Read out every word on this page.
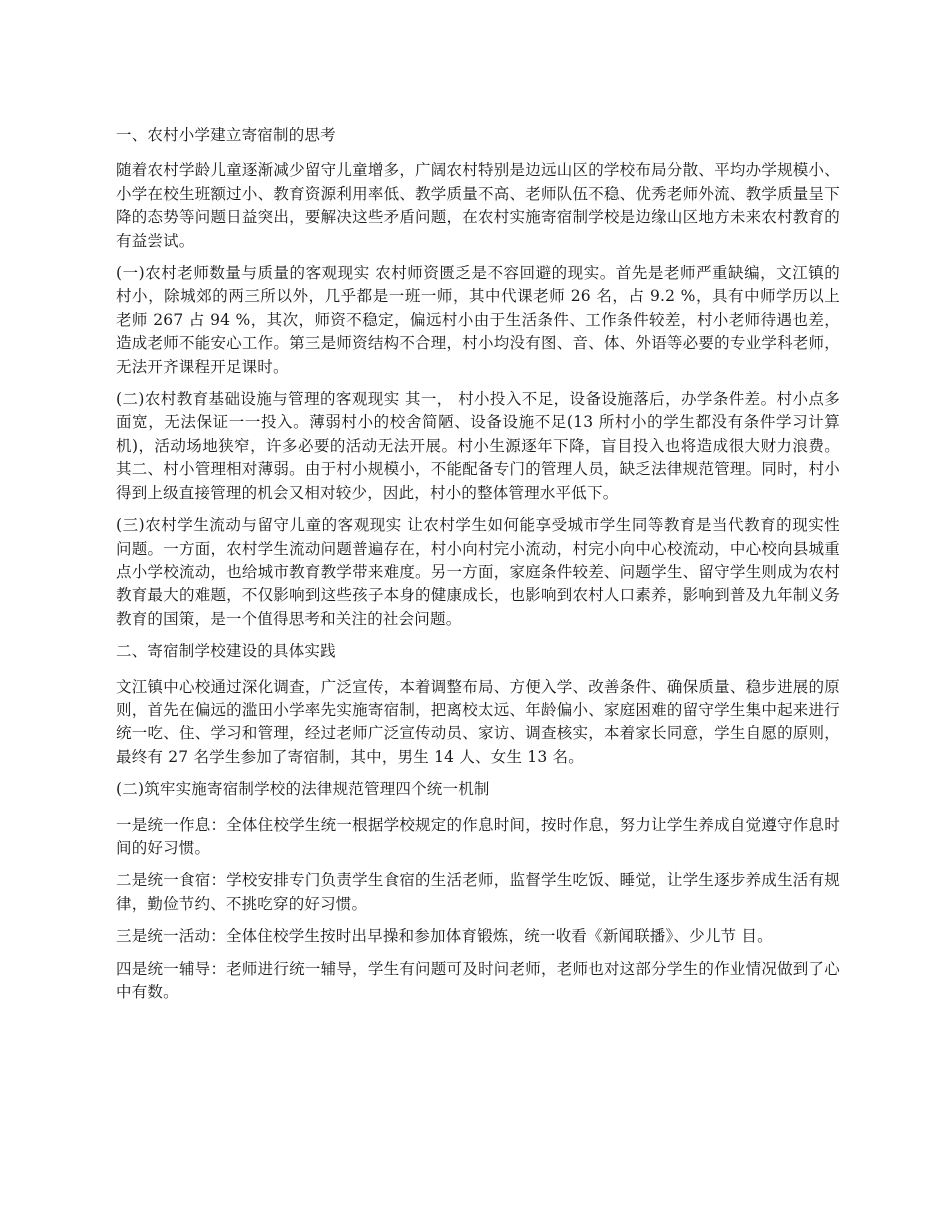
一、农村小学建立寄宿制的思考

随着农村学龄儿童逐渐减少留守儿童增多，广阔农村特别是边远山区的学校布局分散、平均办学规模小、小学在校生班额过小、教育资源利用率低、教学质量不高、老师队伍不稳、优秀老师外流、教学质量呈下降的态势等问题日益突出，要解决这些矛盾问题，在农村实施寄宿制学校是边缘山区地方未来农村教育的有益尝试。

(一)农村老师数量与质量的客观现实 农村师资匮乏是不容回避的现实。首先是老师严重缺编，文江镇的村小，除城郊的两三所以外，几乎都是一班一师，其中代课老师 26 名，占 9.2 %，具有中师学历以上老师 267 占 94 %，其次，师资不稳定，偏远村小由于生活条件、工作条件较差，村小老师待遇也差，造成老师不能安心工作。第三是师资结构不合理，村小均没有图、音、体、外语等必要的专业学科老师，无法开齐课程开足课时。

(二)农村教育基础设施与管理的客观现实 其一， 村小投入不足，设备设施落后，办学条件差。村小点多面宽，无法保证一一投入。薄弱村小的校舍简陋、设备设施不足(13 所村小的学生都没有条件学习计算机)，活动场地狭窄，许多必要的活动无法开展。村小生源逐年下降，盲目投入也将造成很大财力浪费。其二、村小管理相对薄弱。由于村小规模小，不能配备专门的管理人员，缺乏法律规范管理。同时，村小得到上级直接管理的机会又相对较少，因此，村小的整体管理水平低下。

(三)农村学生流动与留守儿童的客观现实 让农村学生如何能享受城市学生同等教育是当代教育的现实性问题。一方面，农村学生流动问题普遍存在，村小向村完小流动，村完小向中心校流动，中心校向县城重点小学校流动，也给城市教育教学带来难度。另一方面，家庭条件较差、问题学生、留守学生则成为农村教育最大的难题，不仅影响到这些孩子本身的健康成长，也影响到农村人口素养，影响到普及九年制义务教育的国策，是一个值得思考和关注的社会问题。

二、寄宿制学校建设的具体实践

文江镇中心校通过深化调查，广泛宣传，本着调整布局、方便入学、改善条件、确保质量、稳步进展的原则，首先在偏远的滥田小学率先实施寄宿制，把离校太远、年龄偏小、家庭困难的留守学生集中起来进行统一吃、住、学习和管理，经过老师广泛宣传动员、家访、调查核实，本着家长同意，学生自愿的原则，最终有 27 名学生参加了寄宿制，其中，男生 14 人、女生 13 名。

(二)筑牢实施寄宿制学校的法律规范管理四个统一机制

一是统一作息：全体住校学生统一根据学校规定的作息时间，按时作息，努力让学生养成自觉遵守作息时间的好习惯。

二是统一食宿：学校安排专门负责学生食宿的生活老师，监督学生吃饭、睡觉，让学生逐步养成生活有规律，勤俭节约、不挑吃穿的好习惯。

三是统一活动：全体住校学生按时出早操和参加体育锻炼，统一收看《新闻联播》、少儿节 目。

四是统一辅导：老师进行统一辅导，学生有问题可及时问老师，老师也对这部分学生的作业情况做到了心中有数。
